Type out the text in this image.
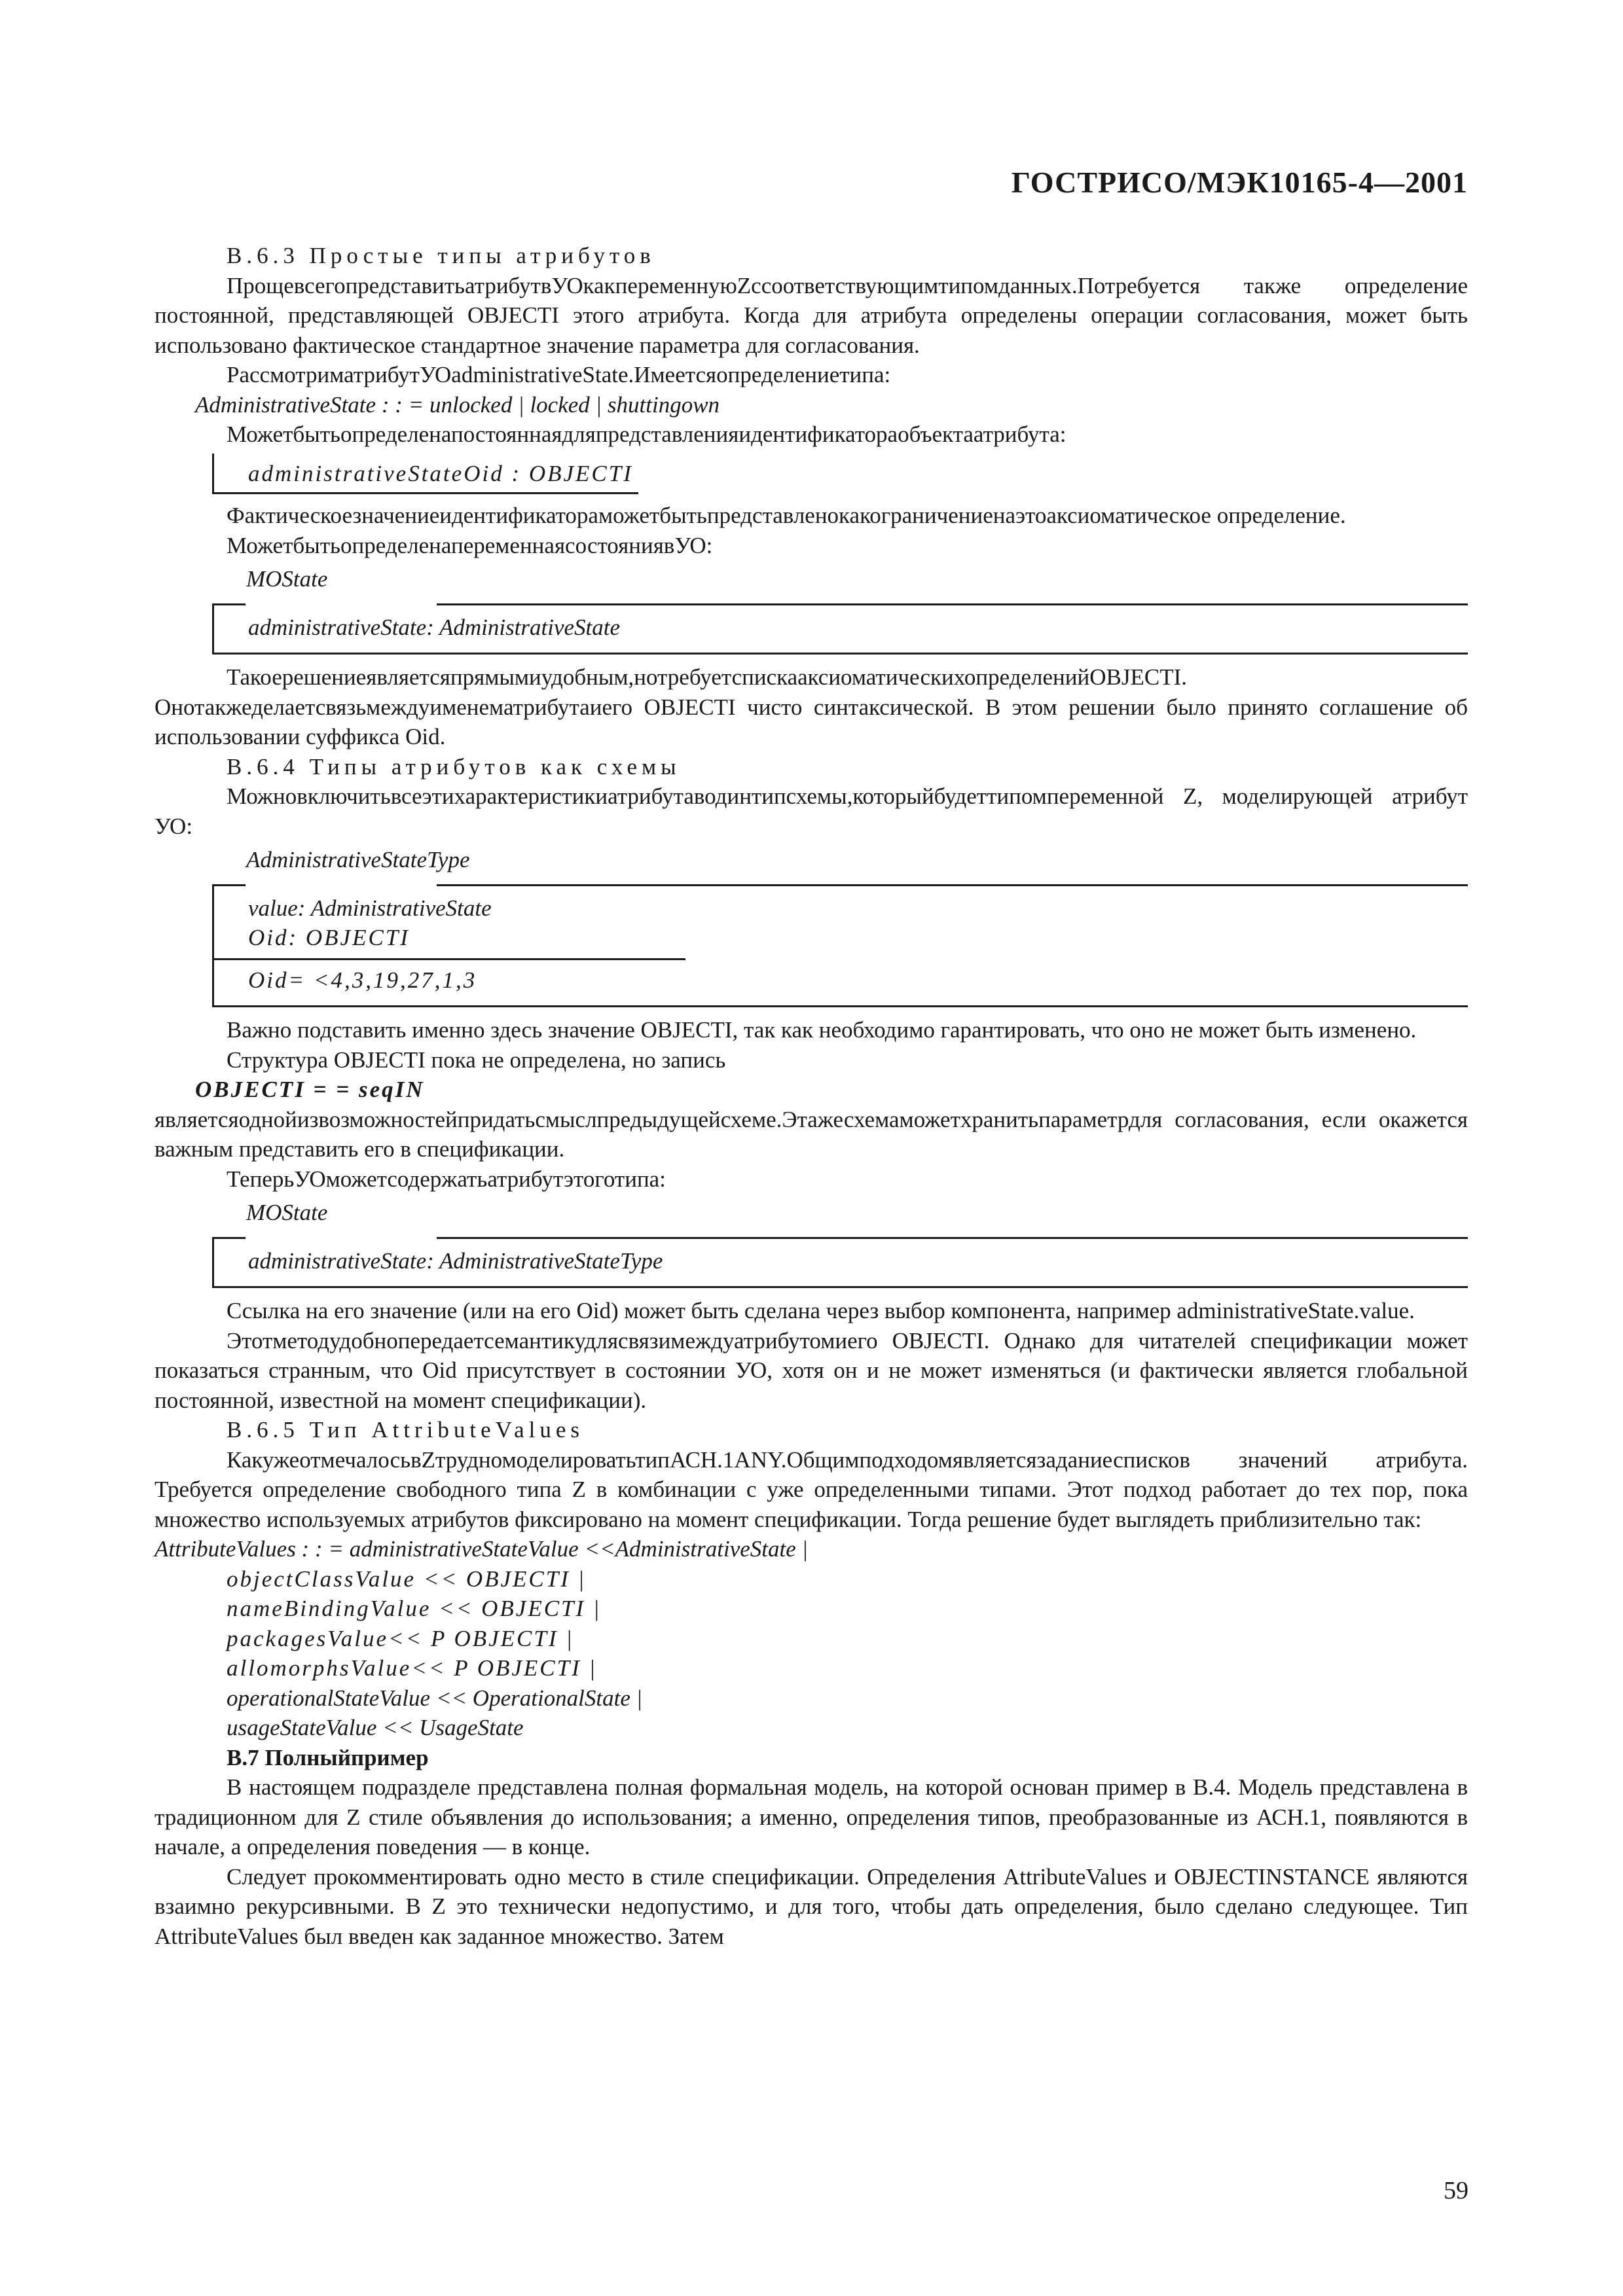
ГОСТРИСО/МЭК10165-4—2001

В.6.3 Простые типы атрибутов

ПрощевсегопредставитьатрибутвУОкакпеременнуюZссоответствующимтипомданных.Потребуется также определение постоянной, представляющей OBJECTI этого атрибута. Когда для атрибута определены операции согласования, может быть использовано фактическое стандартное значение параметра для согласования.

РассмотриматрибутУОadministrativeState.Имеетсяопределениетипа:

AdministrativeState : : = unlocked | locked | shuttingown

Можетбытьопределенапостояннаядляпредставленияидентификатораобъектаатрибута:

administrativeStateOid : OBJECTI

Фактическоезначениеидентификатораможетбытьпредставленокакограничениенаэтоаксиоматическое определение.

МожетбытьопределенапеременнаясостояниявУО:

MOState
administrativeState: AdministrativeState

Такоерешениеявляетсяпрямымиудобным,нотребуетспискааксиоматическихопределенийOBJECTI. Онотакжеделаетсвязьмеждуименематрибутаиего OBJECTI чисто синтаксической. В этом решении было принято соглашение об использовании суффикса Oid.

В.6.4 Типы атрибутов как схемы

Можновключитьвсеэтихарактеристикиатрибутаводинтипсхемы,которыйбудеттипомпеременной Z, моделирующей атрибут УО:

AdministrativeStateType
value: AdministrativeState
Oid: OBJECTI
Oid= <4,3,19,27,1,3

Важно подставить именно здесь значение OBJECTI, так как необходимо гарантировать, что оно не может быть изменено.

Структура OBJECTI пока не определена, но запись

OBJECTI = = seqIN

являетсяоднойизвозможностейпридатьсмыслпредыдущейсхеме.Этажесхемаможетхранитьпараметрдля согласования, если окажется важным представить его в спецификации.

ТеперьУОможетсодержатьатрибутэтоготипа:

MOState
administrativeState: AdministrativeStateType

Ссылка на его значение (или на его Oid) может быть сделана через выбор компонента, например administrativeState.value.

Этотметодудобнопередаетсемантикудлясвязимеждуатрибутомиего OBJECTI. Однако для читателей спецификации может показаться странным, что Oid присутствует в состоянии УО, хотя он и не может изменяться (и фактически является глобальной постоянной, известной на момент спецификации).

В.6.5 Тип AttributeValues

КакужеотмечалосьвZтрудномоделироватьтипАСН.1ANY.Общимподходомявляетсязаданиесписков значений атрибута. Требуется определение свободного типа Z в комбинации с уже определенными типами. Этот подход работает до тех пор, пока множество используемых атрибутов фиксировано на момент спецификации. Тогда решение будет выглядеть приблизительно так:

AttributeValues : : = administrativeStateValue <<AdministrativeState |
objectClassValue << OBJECTI |
nameBindingValue << OBJECTI |
packagesValue<< P OBJECTI |
allomorphsValue<< P OBJECTI |
operationalStateValue << OperationalState |
usageStateValue << UsageState

В.7 Полныйпример

В настоящем подразделе представлена полная формальная модель, на которой основан пример в В.4. Модель представлена в традиционном для Z стиле объявления до использования; а именно, определения типов, преобразованные из АСН.1, появляются в начале, а определения поведения — в конце.

Следует прокомментировать одно место в стиле спецификации. Определения AttributeValues и OBJECTINSTANCE являются взаимно рекурсивными. В Z это технически недопустимо, и для того, чтобы дать определения, было сделано следующее. Тип AttributeValues был введен как заданное множество. Затем

59
